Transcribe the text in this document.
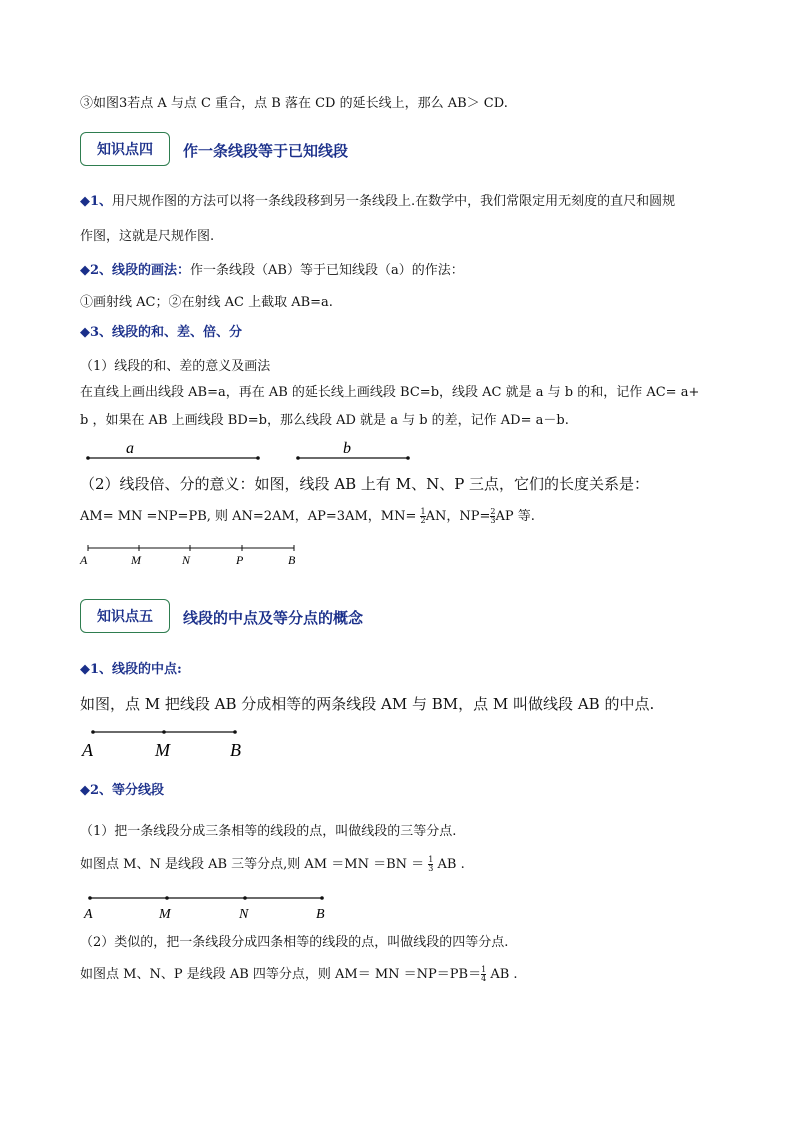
③如图3若点 A 与点 C 重合，点 B 落在 CD 的延长线上，那么 AB＞ CD.
知识点四 作一条线段等于已知线段
◆1、用尺规作图的方法可以将一条线段移到另一条线段上.在数学中，我们常限定用无刻度的直尺和圆规
作图，这就是尺规作图.
◆2、线段的画法：作一条线段（AB）等于已知线段（a）的作法：
①画射线 AC；②在射线 AC 上截取 AB=a.
◆3、线段的和、差、倍、分
（1）线段的和、差的意义及画法
在直线上画出线段 AB=a，再在 AB 的延长线上画线段 BC=b，线段 AC 就是 a 与 b 的和，记作 AC= a+
b ，如果在 AB 上画线段 BD=b，那么线段 AD 就是 a 与 b 的差，记作 AD= a－b.
a	b
（2）线段倍、分的意义：如图，线段 AB 上有 M、N、P 三点，它们的长度关系是：
AM= MN =NP=PB, 则 AN=2AM，AP=3AM，$MN= \frac{1}{2}$ AN，$NP= \frac{2}{3}$ AP 等.
A	M	N	P	B
知识点五 线段的中点及等分点的概念
◆1、线段的中点:
如图，点 M 把线段 AB 分成相等的两条线段 AM 与 BM，点 M 叫做线段 AB 的中点.
A	M	B
◆2、等分线段
（1）把一条线段分成三条相等的线段的点，叫做线段的三等分点.
如图点 M、N 是线段 AB 三等分点,则 AM $=MN =BN = \frac{1}{3}$ AB .
A	M	N	B
（2）类似的，把一条线段分成四条相等的线段的点，叫做线段的四等分点.
如图点 M、N、P 是线段 AB 四等分点，则 AM＝ MN $=NP=PB= \frac{1}{4}$ AB .
